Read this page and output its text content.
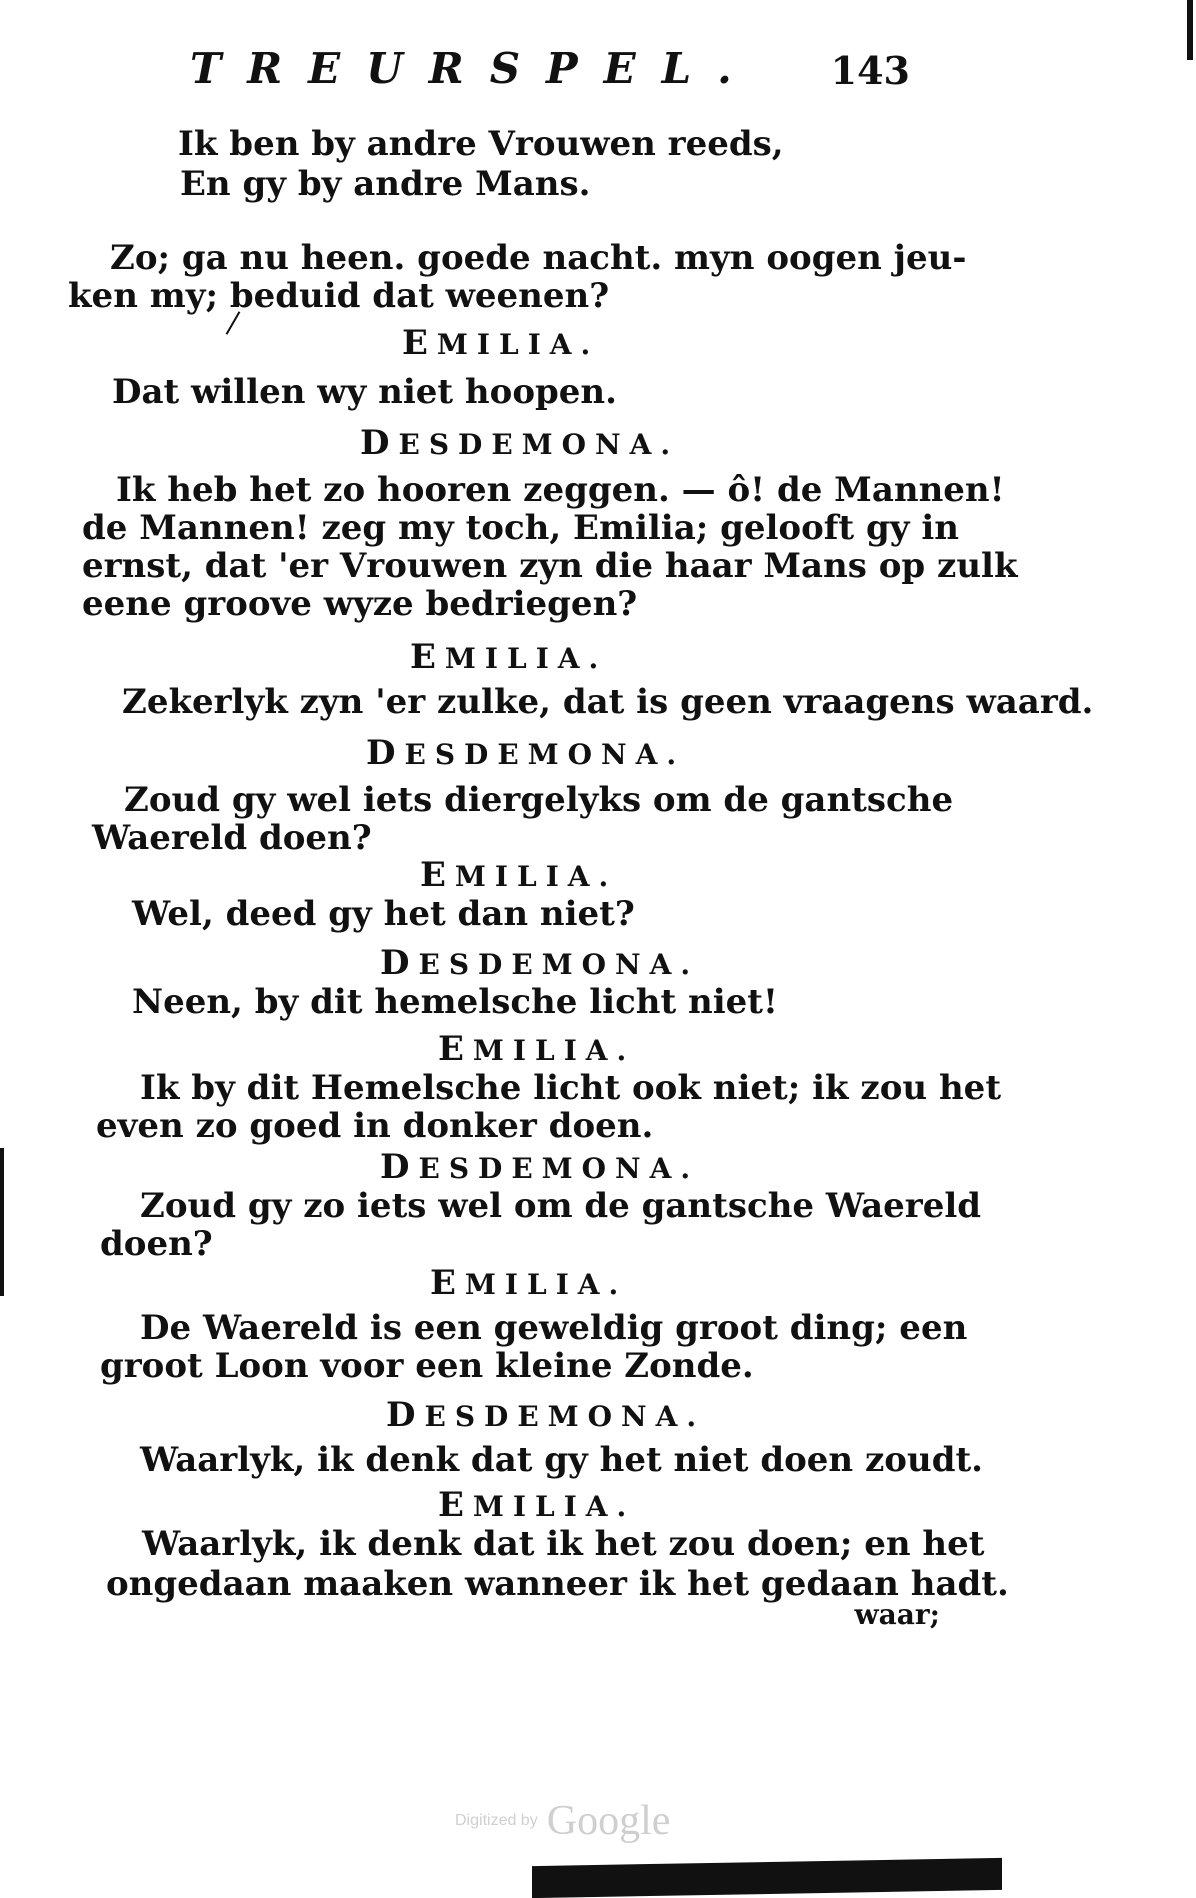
TREURSPEL. 143
Ik ben by andre Vrouwen reeds,
En gy by andre Mans.
Zo; ga nu heen. goede nacht. myn oogen jeu-
ken my; beduid dat weenen?
EMILIA.
Dat willen wy niet hoopen.
DESDEMONA.
Ik heb het zo hooren zeggen. — ô! de Mannen!
de Mannen! zeg my toch, Emilia; gelooft gy in
ernst, dat 'er Vrouwen zyn die haar Mans op zulk
eene groove wyze bedriegen?
EMILIA.
Zekerlyk zyn 'er zulke, dat is geen vraagens waard.
DESDEMONA.
Zoud gy wel iets diergelyks om de gantsche
Waereld doen?
EMILIA.
Wel, deed gy het dan niet?
DESDEMONA.
Neen, by dit hemelsche licht niet!
EMILIA.
Ik by dit Hemelsche licht ook niet; ik zou het
even zo goed in donker doen.
DESDEMONA.
Zoud gy zo iets wel om de gantsche Waereld
doen?
EMILIA.
De Waereld is een geweldig groot ding; een
groot Loon voor een kleine Zonde.
DESDEMONA.
Waarlyk, ik denk dat gy het niet doen zoudt.
EMILIA.
Waarlyk, ik denk dat ik het zou doen; en het
ongedaan maaken wanneer ik het gedaan hadt.
waar;
Digitized by Google
